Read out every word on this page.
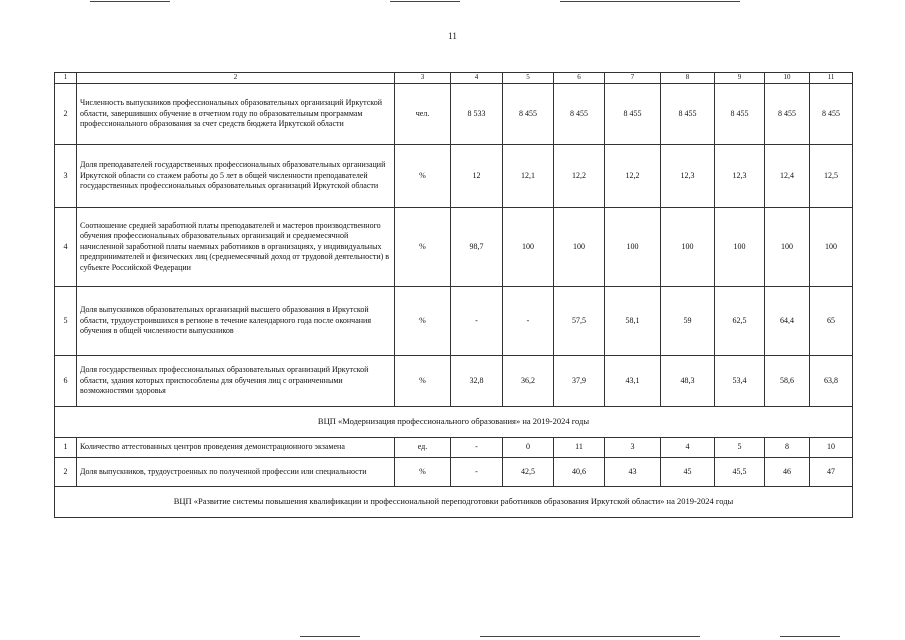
11
1	2	3	4	5	6	7	8	9	10	11
2	Численность выпускников профессиональных образовательных организаций Иркутской области, завершивших обучение в отчетном году по образовательным программам профессионального образования за счет средств бюджета Иркутской области	чел.	8 533	8 455	8 455	8 455	8 455	8 455	8 455	8 455
3	Доля преподавателей государственных профессиональных образовательных организаций Иркутской области со стажем работы до 5 лет в общей численности преподавателей государственных профессиональных образовательных организаций Иркутской области	%	12	12,1	12,2	12,2	12,3	12,3	12,4	12,5
4	Соотношение средней заработной платы преподавателей и мастеров производственного обучения профессиональных образовательных организаций и среднемесячной начисленной заработной платы наемных работников в организациях, у индивидуальных предпринимателей и физических лиц (среднемесячный доход от трудовой деятельности) в субъекте Российской Федерации	%	98,7	100	100	100	100	100	100	100
5	Доля выпускников образовательных организаций высшего образования в Иркутской области, трудоустроившихся в регионе в течение календарного года после окончания обучения в общей численности выпускников	%	-	-	57,5	58,1	59	62,5	64,4	65
6	Доля государственных профессиональных образовательных организаций Иркутской области, здания которых приспособлены для обучения лиц с ограниченными возможностями здоровья	%	32,8	36,2	37,9	43,1	48,3	53,4	58,6	63,8
ВЦП «Модернизация профессионального образования» на 2019-2024 годы										
1	Количество аттестованных центров проведения демонстрационного экзамена	ед.	-	0	11	3	4	5	8	10
2	Доля выпускников, трудоустроенных по полученной профессии или специальности	%	-	42,5	40,6	43	45	45,5	46	47
ВЦП «Развитие системы повышения квалификации и профессиональной переподготовки работников образования Иркутской области» на 2019-2024 годы										
